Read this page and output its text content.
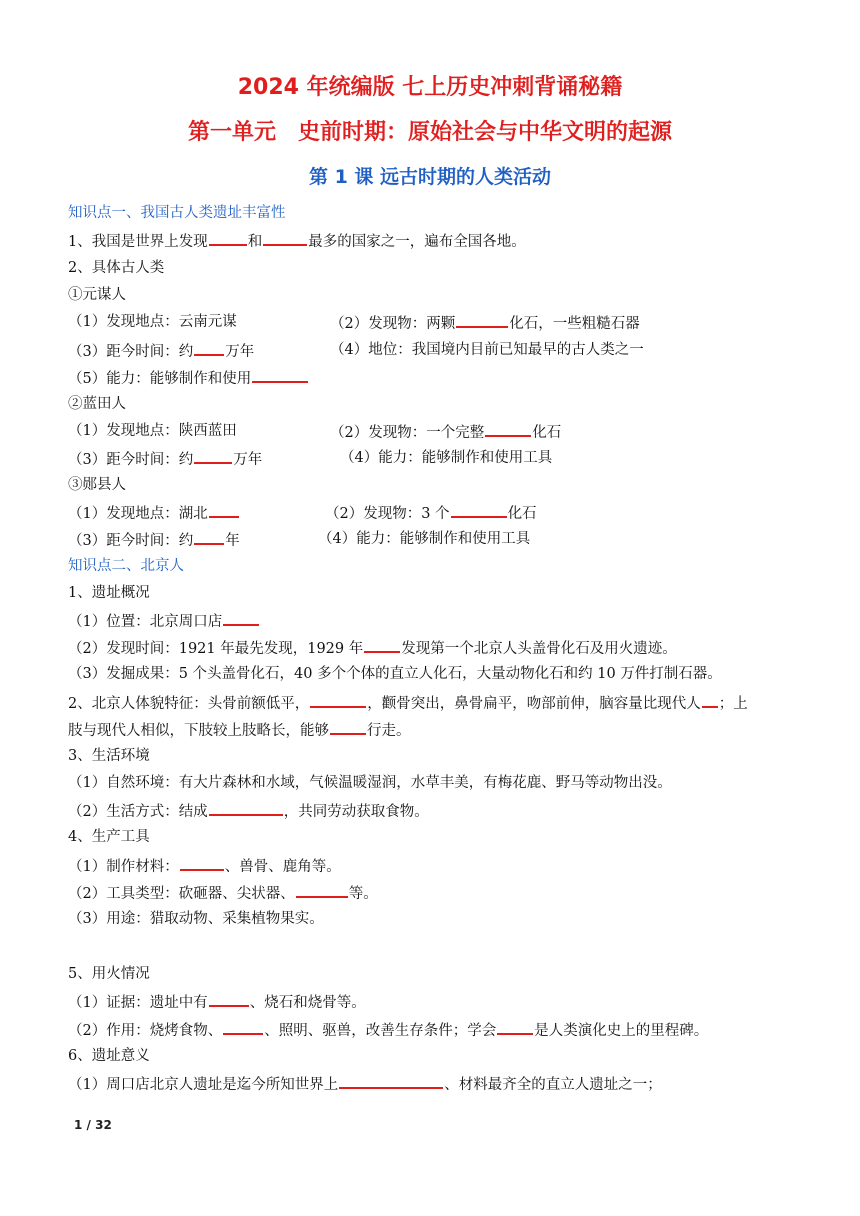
2024 年统编版 七上历史冲刺背诵秘籍
第一单元　史前时期：原始社会与中华文明的起源
第 1 课 远古时期的人类活动
知识点一、我国古人类遗址丰富性
1、我国是世界上发现	和	最多的国家之一，遍布全国各地。
2、具体古人类
①元谋人
（1）发现地点：云南元谋	（2）发现物：两颗	化石，一些粗糙石器
（3）距今时间：约 万年	（4）地位：我国境内目前已知最早的古人类之一
（5）能力：能够制作和使用
②蓝田人
（1）发现地点：陕西蓝田	（2）发现物：一个完整	化石
（3）距今时间：约	万年	（4）能力：能够制作和使用工具
③郧县人
（1）发现地点：湖北	（2）发现物：3 个	化石
（3）距今时间：约 年	（4）能力：能够制作和使用工具
知识点二、北京人
1、遗址概况
（1）位置：北京周口店
（2）发现时间：1921 年最先发现，1929 年	发现第一个北京人头盖骨化石及用火遗迹。
（3）发掘成果：5 个头盖骨化石，40 多个个体的直立人化石，大量动物化石和约 10 万件打制石器。
2、北京人体貌特征：头骨前额低平，	，颧骨突出，鼻骨扁平，吻部前伸，脑容量比现代人 ；上
肢与现代人相似，下肢较上肢略长，能够	行走。
3、生活环境
（1）自然环境：有大片森林和水域，气候温暖湿润，水草丰美，有梅花鹿、野马等动物出没。
（2）生活方式：结成	，共同劳动获取食物。
4、生产工具
（1）制作材料：	、兽骨、鹿角等。
（2）工具类型：砍砸器、尖状器、	等。
（3）用途：猎取动物、采集植物果实。
5、用火情况
（1）证据：遗址中有	、烧石和烧骨等。
（2）作用：烧烤食物、	、照明、驱兽，改善生存条件；学会	是人类演化史上的里程碑。
6、遗址意义
（1）周口店北京人遗址是迄今所知世界上	、材料最齐全的直立人遗址之一；
1 / 32
